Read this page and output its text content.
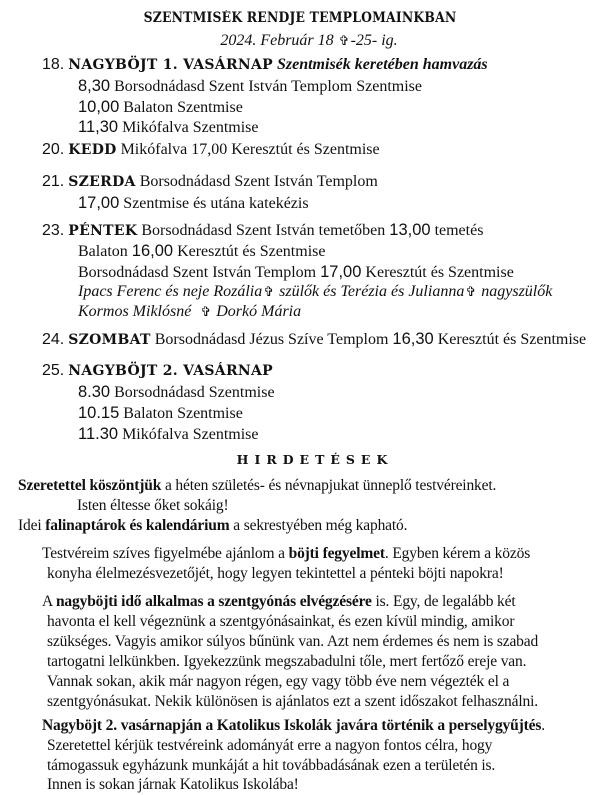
SZENTMISÉK RENDJE TEMPLOMAINKBAN
2024. Február 18 ✞-25- ig.
18. NAGYBÖJT 1. VASÁRNAP Szentmisék keretében hamvazás
8,30 Borsodnádasd Szent István Templom Szentmise
10,00 Balaton Szentmise
11,30 Mikófalva Szentmise
20. KEDD Mikófalva 17,00 Keresztút és Szentmise
21. SZERDA Borsodnádasd Szent István Templom
17,00 Szentmise és utána katekézis
23. PÉNTEK Borsodnádasd Szent István temetőben 13,00 temetés
Balaton 16,00 Keresztút és Szentmise
Borsodnádasd Szent István Templom 17,00 Keresztút és Szentmise
Ipacs Ferenc és neje Rozália✞ szülők és Terézia és Julianna✞ nagyszülők
Kormos Miklósné ✞ Dorkó Mária
24. SZOMBAT Borsodnádasd Jézus Szíve Templom 16,30 Keresztút és Szentmise
25. NAGYBÖJT 2. VASÁRNAP
8.30 Borsodnádasd Szentmise
10.15 Balaton Szentmise
11.30 Mikófalva Szentmise
HIRDETÉSEK
Szeretettel köszöntjük a héten születés- és névnapjukat ünneplő testvéreinket.
Isten éltesse őket sokáig!
Idei falinaptárok és kalendárium a sekrestyében még kapható.
Testvéreim szíves figyelmébe ajánlom a böjti fegyelmet. Egyben kérem a közös
konyha élelmezésvezetőjét, hogy legyen tekintettel a pénteki böjti napokra!
A nagyböjti idő alkalmas a szentgyónás elvégzésére is. Egy, de legalább két
havonta el kell végeznünk a szentgyónásainkat, és ezen kívül mindig, amikor
szükséges. Vagyis amikor súlyos bűnünk van. Azt nem érdemes és nem is szabad
tartogatni lelkünkben. Igyekezzünk megszabadulni tőle, mert fertőző ereje van.
Vannak sokan, akik már nagyon régen, egy vagy több éve nem végezték el a
szentgyónásukat. Nekik különösen is ajánlatos ezt a szent időszakot felhasználni.
Nagyböjt 2. vasárnapján a Katolikus Iskolák javára történik a perselygyűjtés.
Szeretettel kérjük testvéreink adományát erre a nagyon fontos célra, hogy
támogassuk egyházunk munkáját a hit továbbadásának ezen a területén is.
Innen is sokan járnak Katolikus Iskolába!
